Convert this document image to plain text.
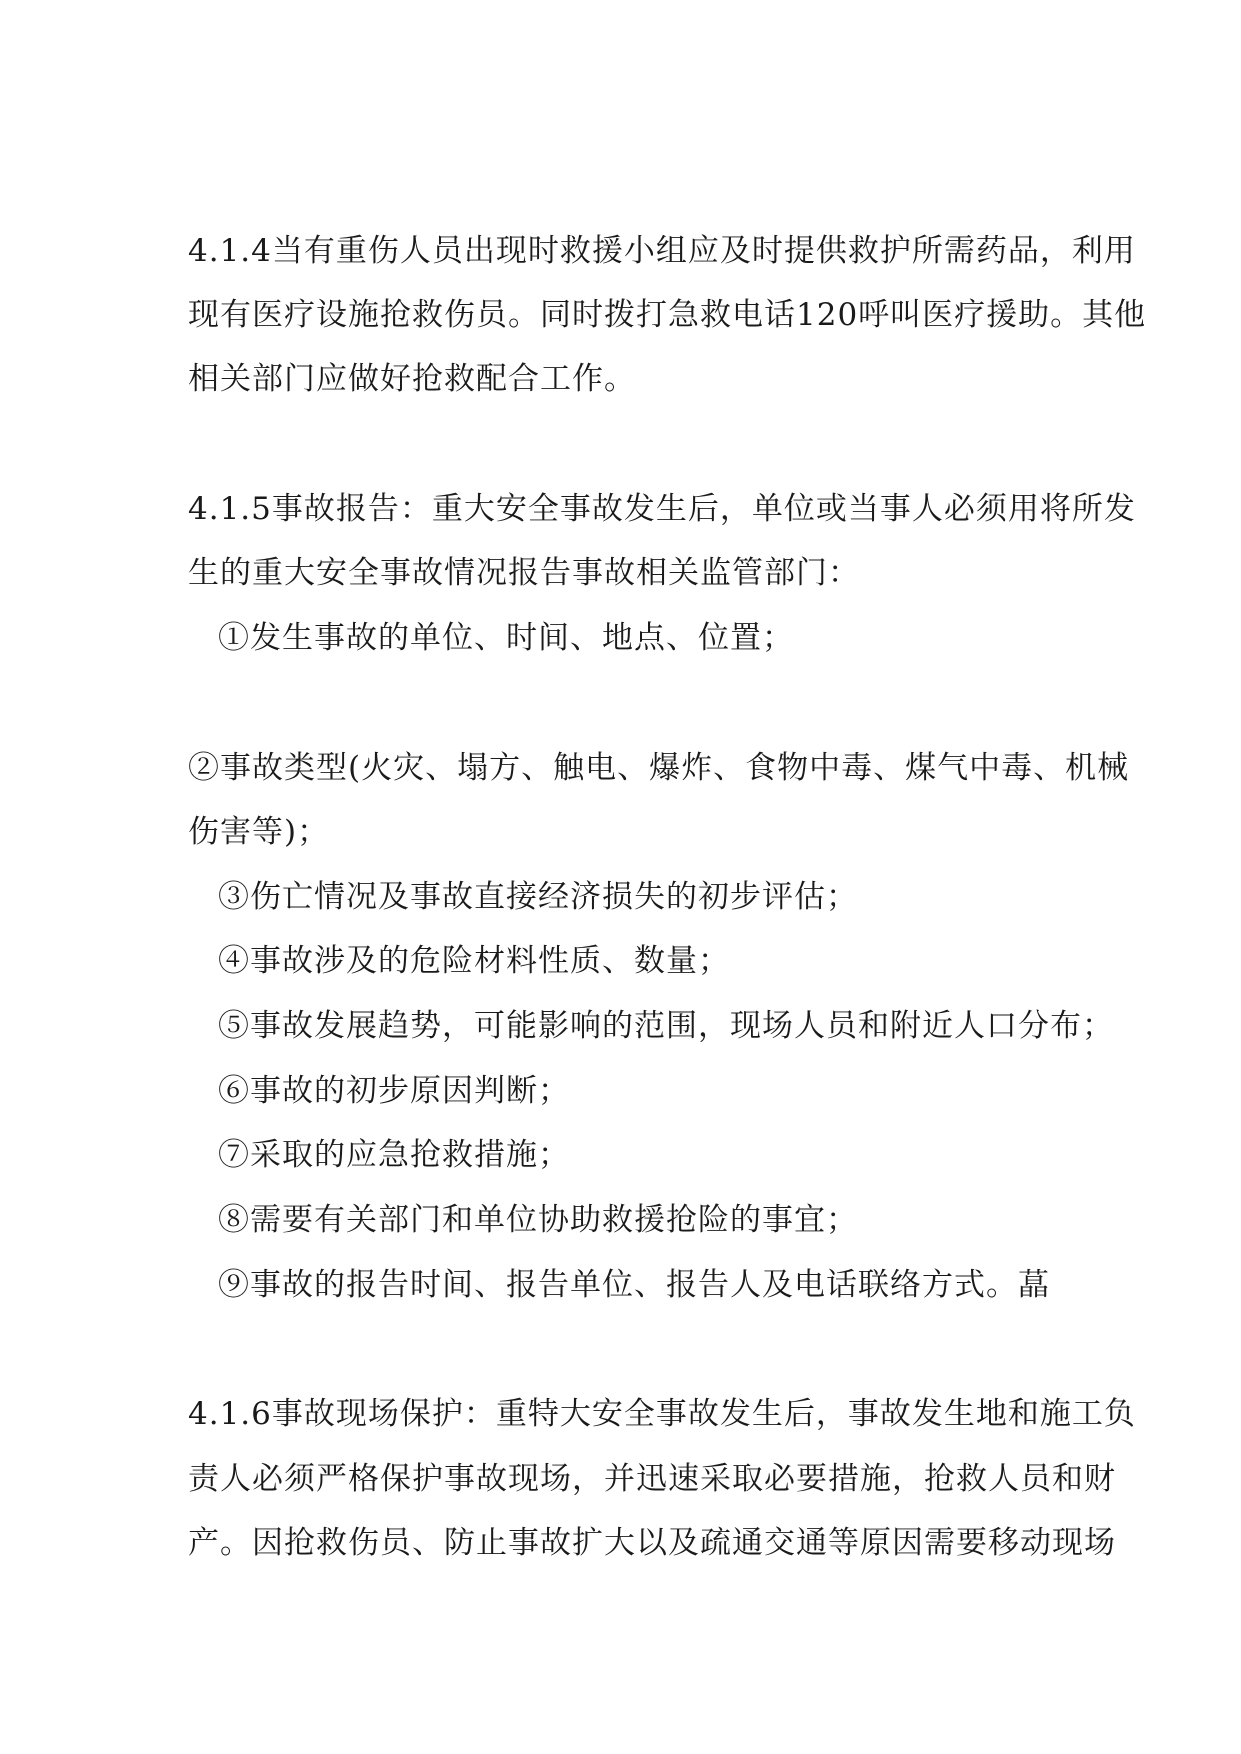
4.1.4当有重伤人员出现时救援小组应及时提供救护所需药品，利用

现有医疗设施抢救伤员。同时拨打急救电话120呼叫医疗援助。其他

相关部门应做好抢救配合工作。

4.1.5事故报告：重大安全事故发生后，单位或当事人必须用将所发

生的重大安全事故情况报告事故相关监管部门：

①发生事故的单位、时间、地点、位置；

②事故类型(火灾、塌方、触电、爆炸、食物中毒、煤气中毒、机械

伤害等)；

③伤亡情况及事故直接经济损失的初步评估；

④事故涉及的危险材料性质、数量；

⑤事故发展趋势，可能影响的范围，现场人员和附近人口分布；

⑥事故的初步原因判断；

⑦采取的应急抢救措施；

⑧需要有关部门和单位协助救援抢险的事宜；

⑨事故的报告时间、报告单位、报告人及电话联络方式。蕌

4.1.6事故现场保护：重特大安全事故发生后，事故发生地和施工负

责人必须严格保护事故现场，并迅速采取必要措施，抢救人员和财

产。因抢救伤员、防止事故扩大以及疏通交通等原因需要移动现场
